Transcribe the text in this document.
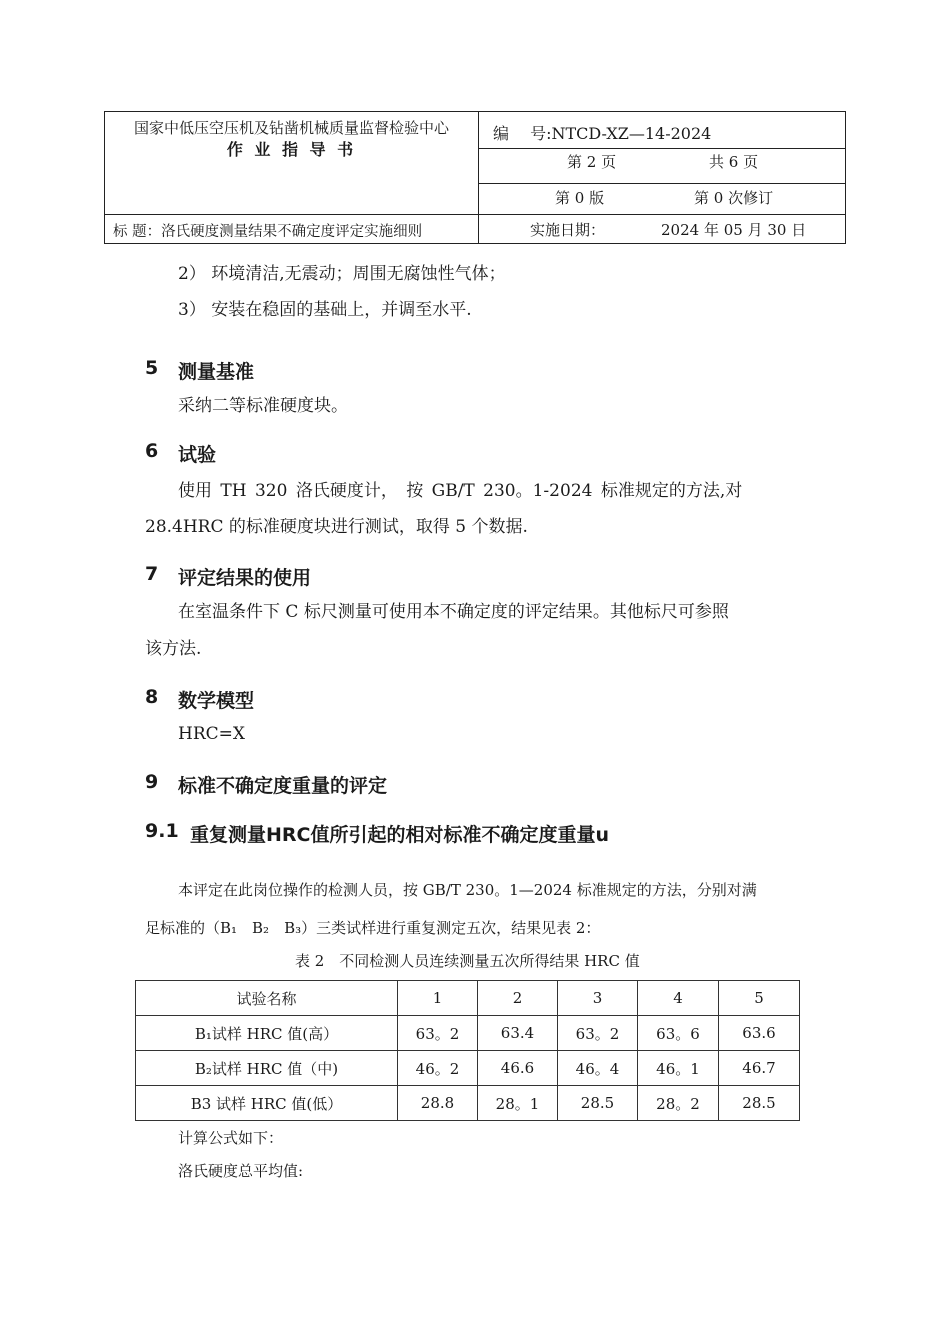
国家中低压空压机及钻凿机械质量监督检验中心
作 业 指 导 书
编　 号:NTCD-XZ—14-2024
第 2 页	共 6 页
第 0 版	第 0 次修订
标 题：洛氏硬度测量结果不确定度评定实施细则	实施日期：	2024 年 05 月 30 日
2） 环境清洁,无震动；周围无腐蚀性气体；
3） 安装在稳固的基础上，并调至水平.
5 测量基准
采纳二等标准硬度块。
6 试验
使用 TH 320 洛氏硬度计， 按 GB/T 230。1-2024 标准规定的方法,对
28.4HRC 的标准硬度块进行测试，取得 5 个数据.
7 评定结果的使用
在室温条件下 C 标尺测量可使用本不确定度的评定结果。其他标尺可参照
该方法.
8 数学模型
HRC=X
9 标准不确定度重量的评定
9.1 重复测量HRC值所引起的相对标准不确定度重量u
本评定在此岗位操作的检测人员，按 GB/T 230。1—2024 标准规定的方法，分别对满
足标准的（B₁　B₂　B₃）三类试样进行重复测定五次，结果见表 2：
表 2　不同检测人员连续测量五次所得结果 HRC 值
试验名称	1	2	3	4	5
B₁试样 HRC 值(高）	63。2	63.4	63。2	63。6	63.6
B₂试样 HRC 值（中)	46。2	46.6	46。4	46。1	46.7
B3 试样 HRC 值(低）	28.8	28。1	28.5	28。2	28.5
计算公式如下：
洛氏硬度总平均值:
